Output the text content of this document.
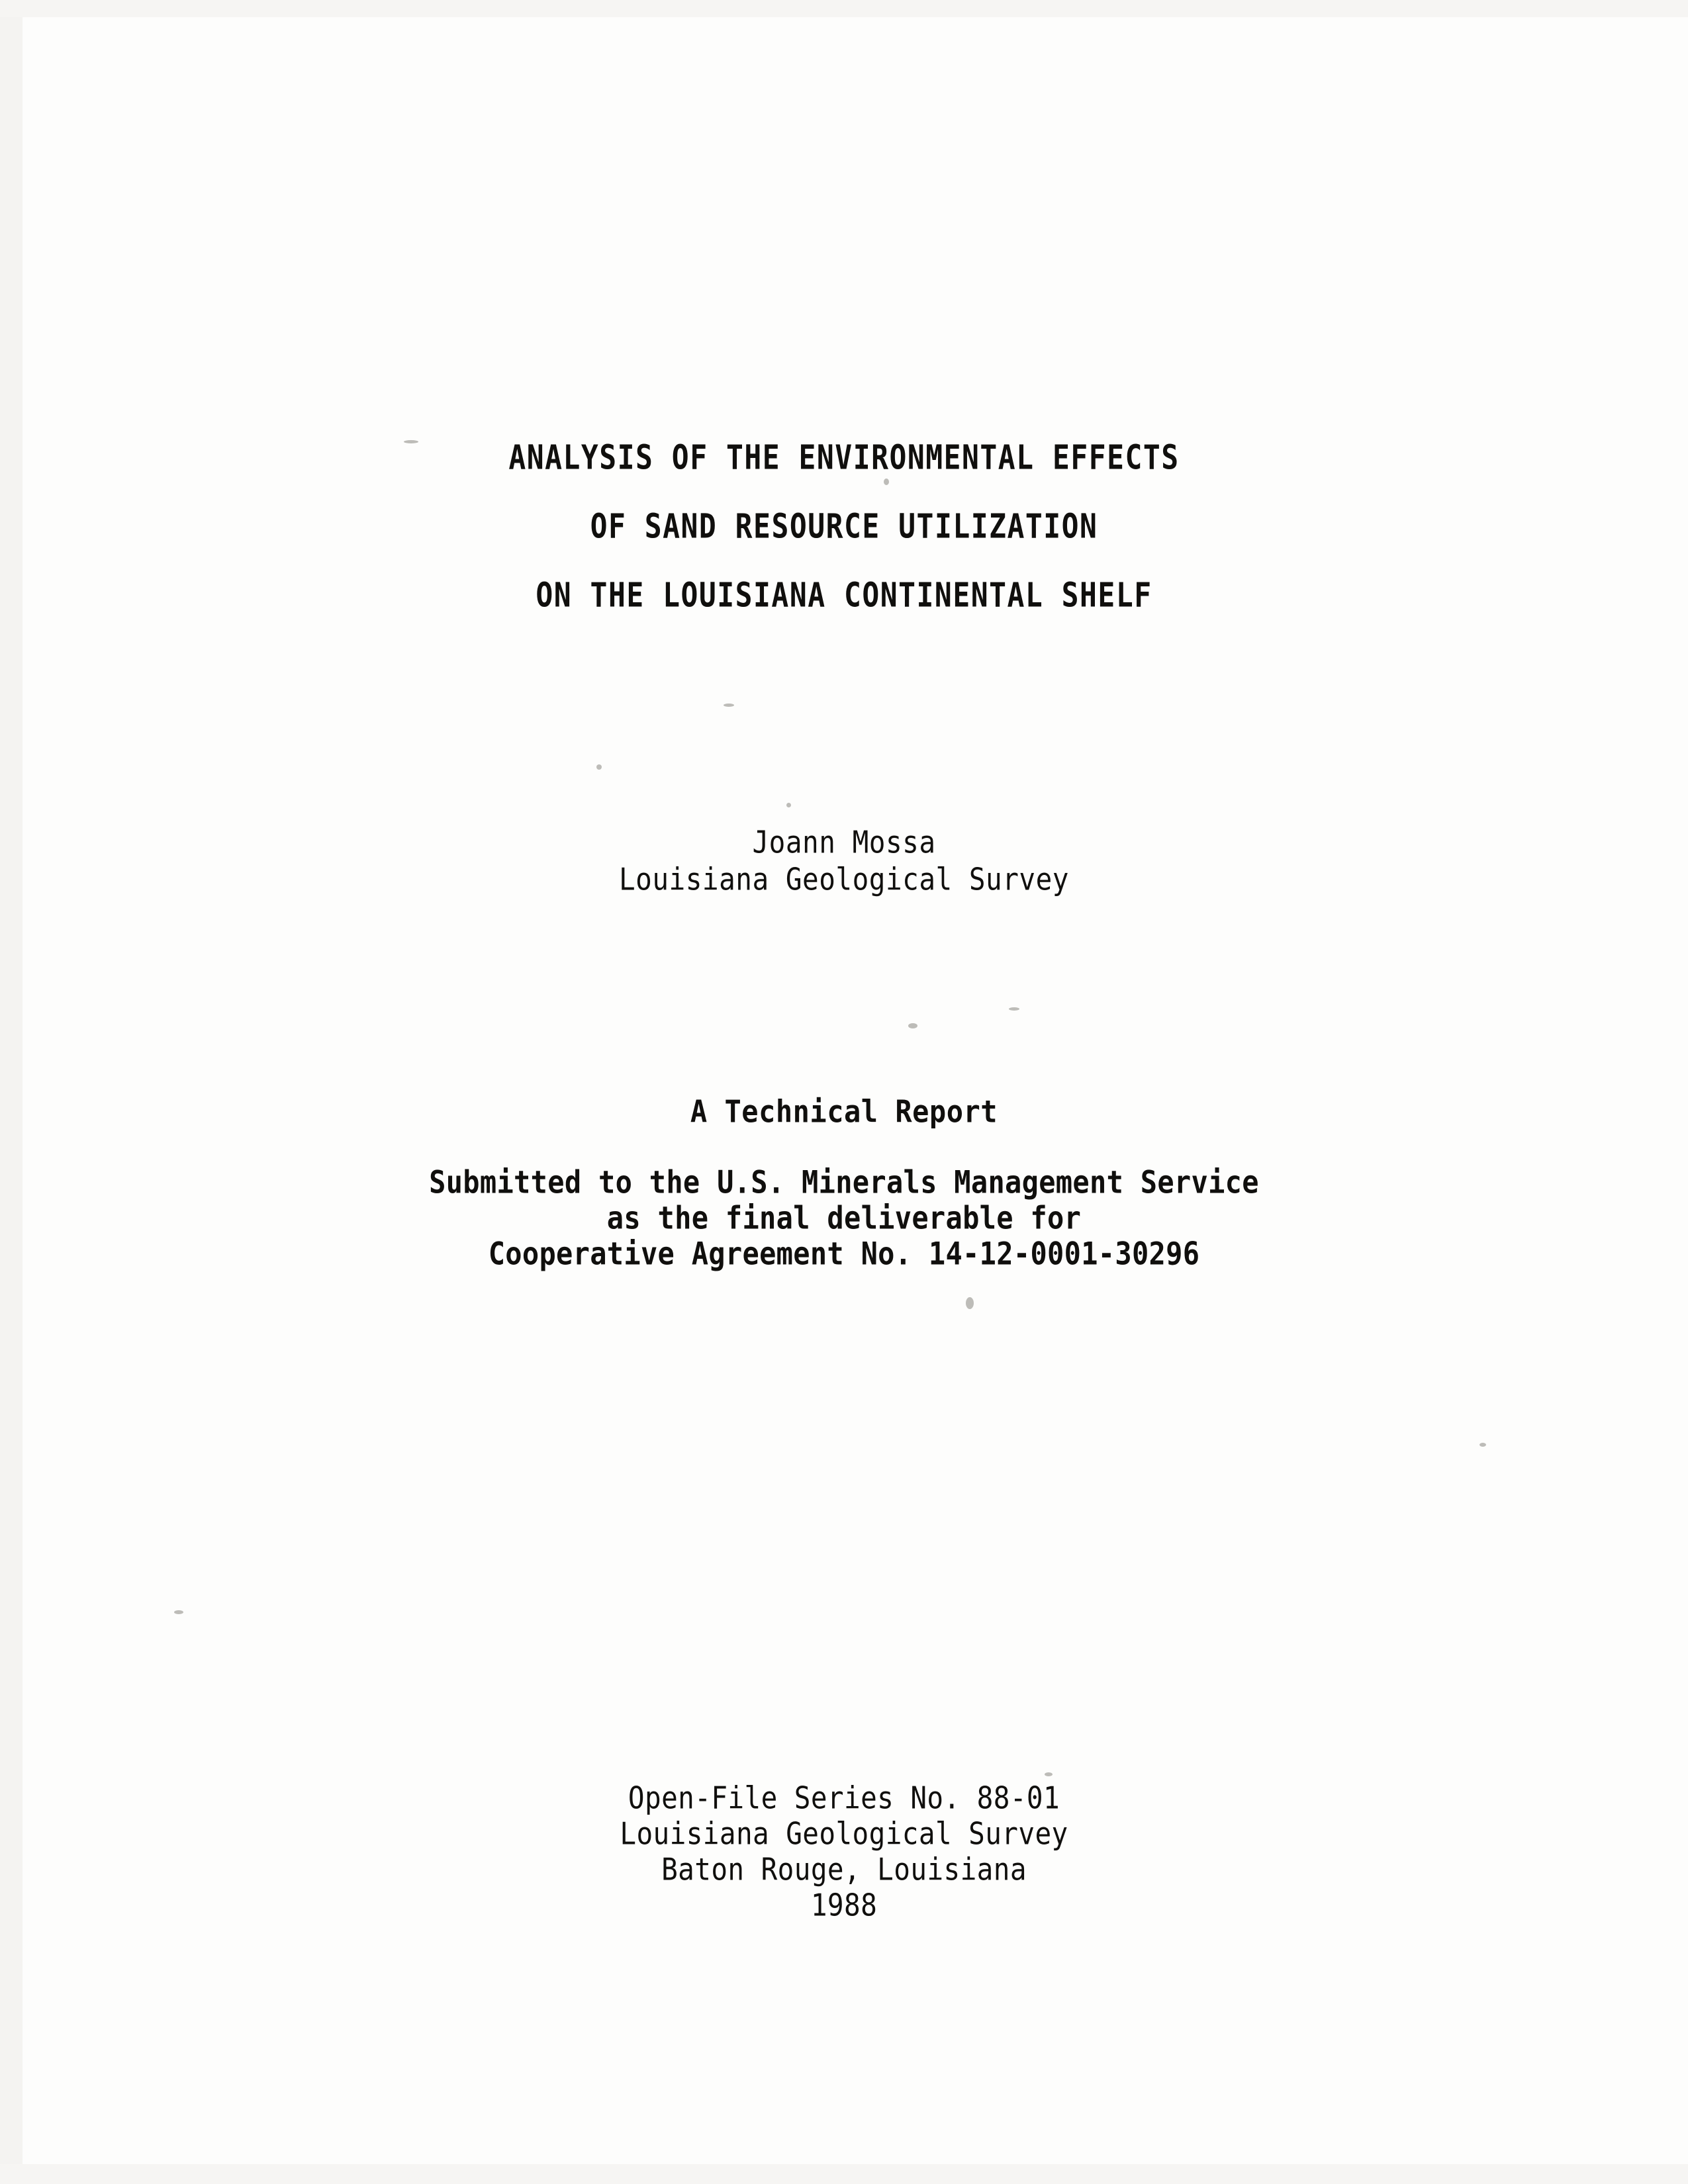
ANALYSIS OF THE ENVIRONMENTAL EFFECTS
OF SAND RESOURCE UTILIZATION
ON THE LOUISIANA CONTINENTAL SHELF
Joann Mossa
Louisiana Geological Survey
A Technical Report
Submitted to the U.S. Minerals Management Service
as the final deliverable for
Cooperative Agreement No. 14-12-0001-30296
Open-File Series No. 88-01
Louisiana Geological Survey
Baton Rouge, Louisiana
1988
